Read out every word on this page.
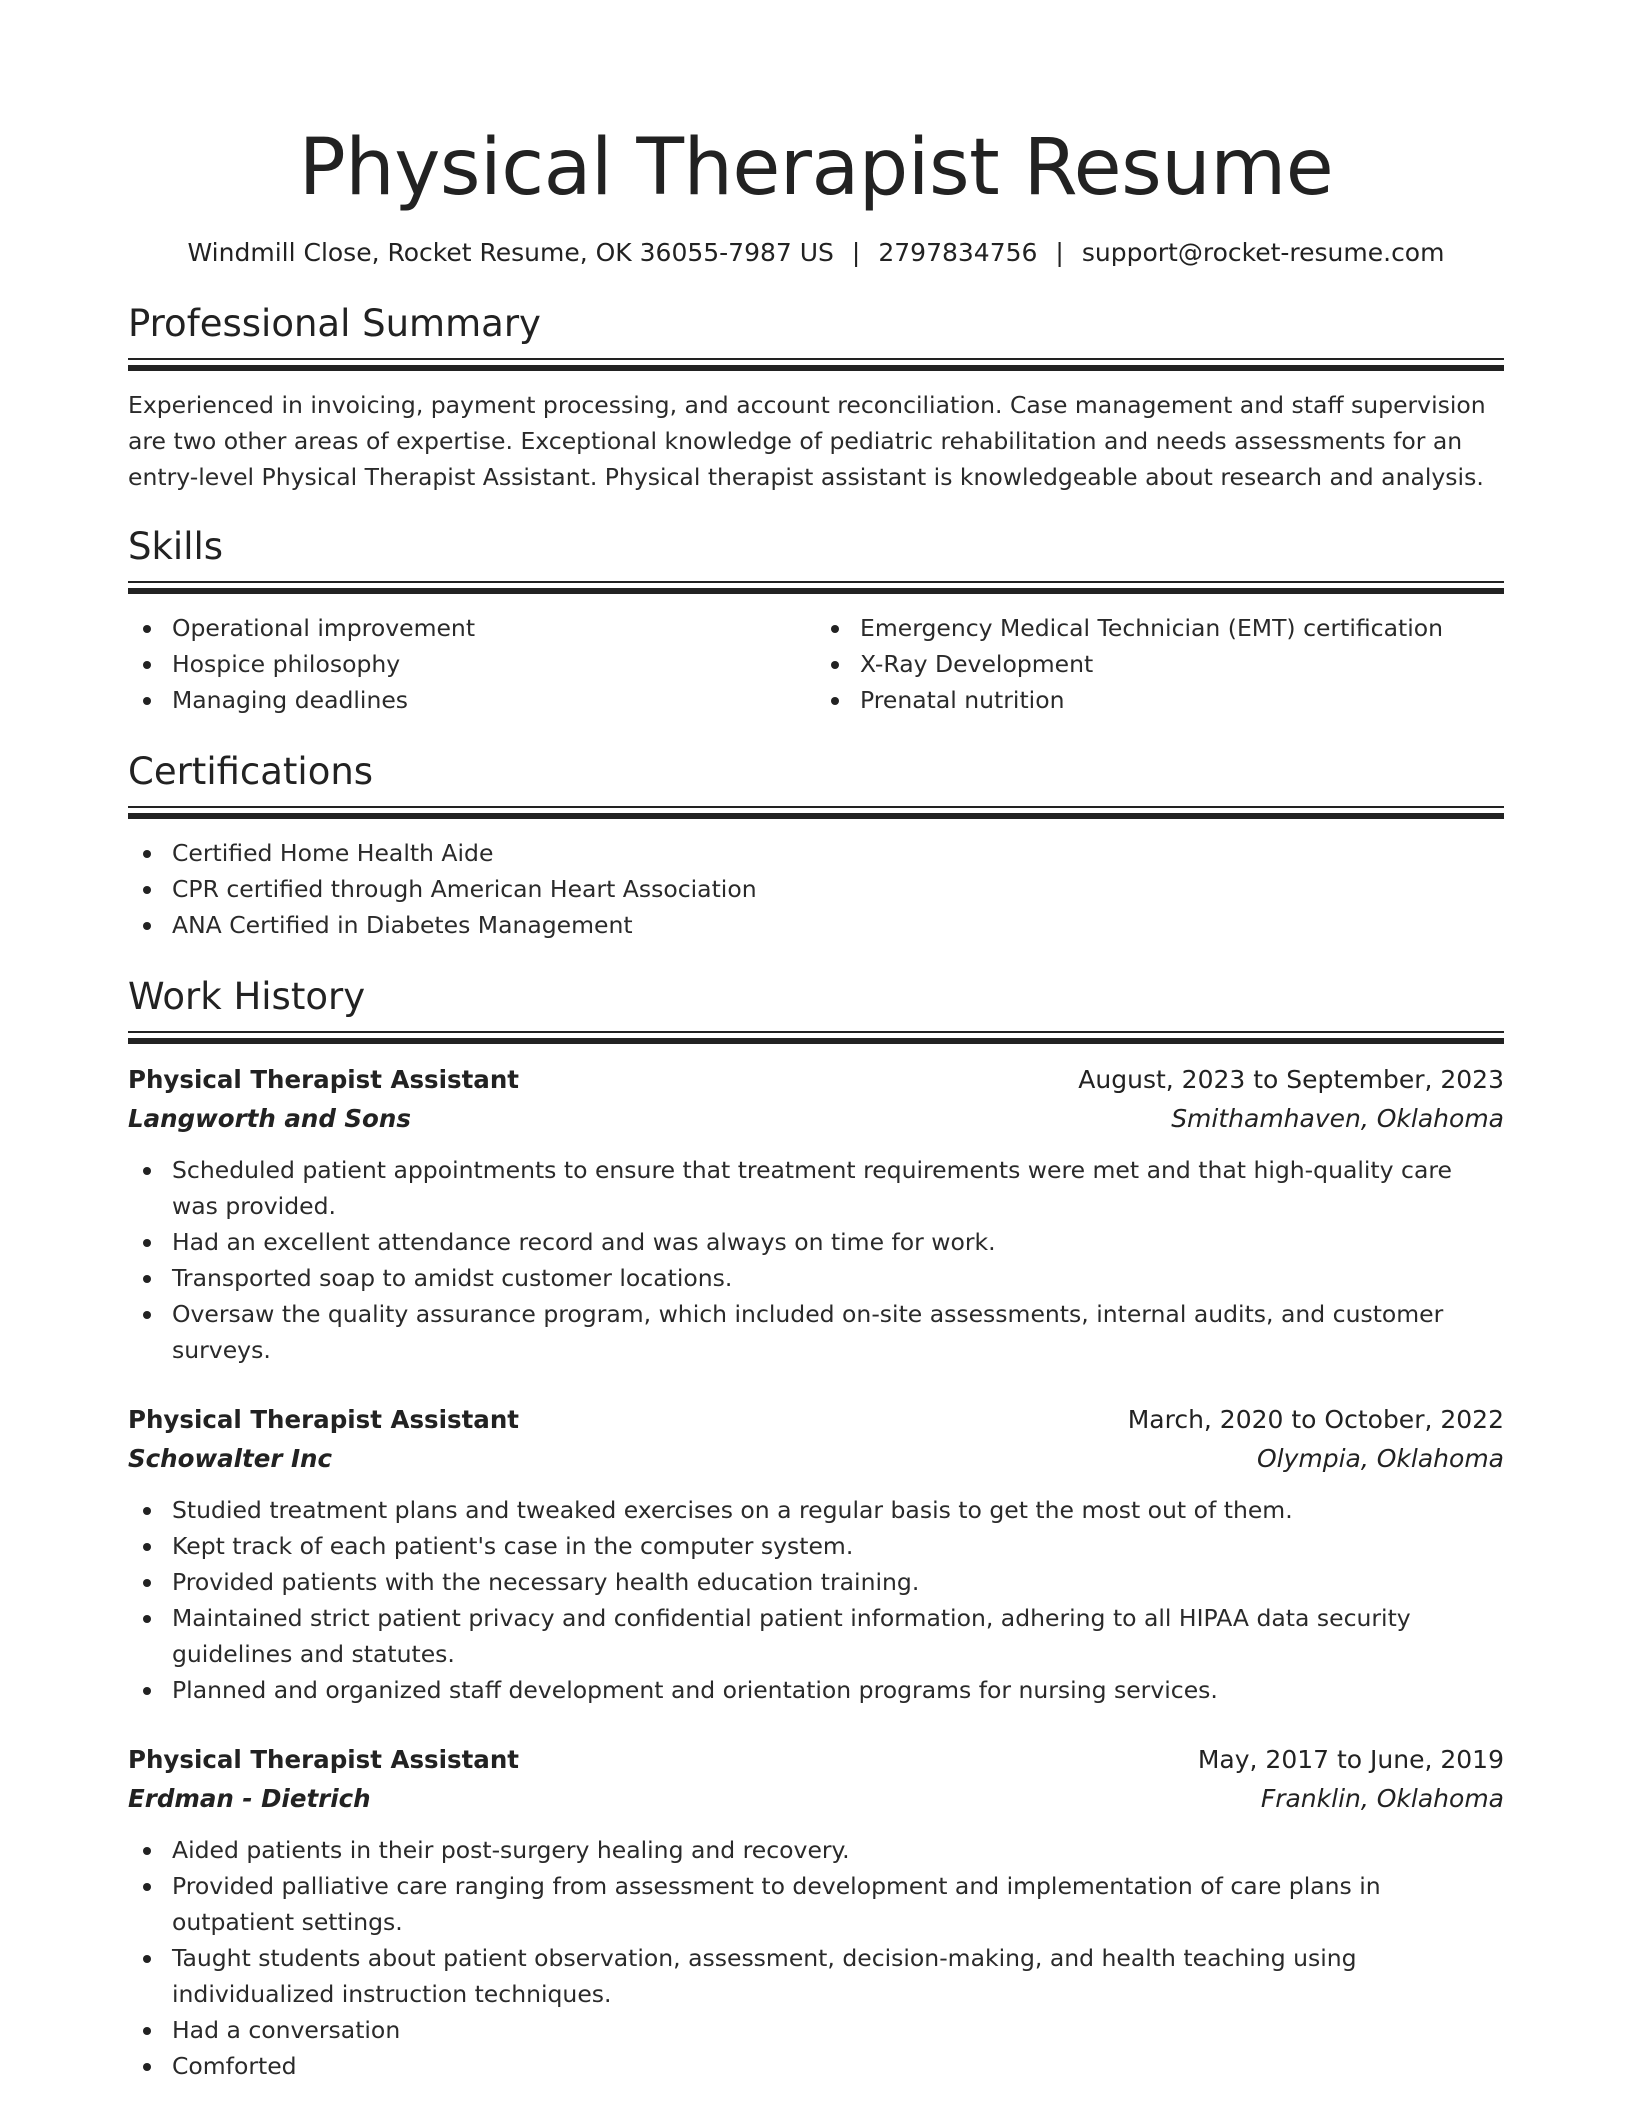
Physical Therapist Resume
Windmill Close, Rocket Resume, OK 36055-7987 US | 2797834756 | support@rocket-resume.com
Professional Summary
Experienced in invoicing, payment processing, and account reconciliation. Case management and staff supervision are two other areas of expertise. Exceptional knowledge of pediatric rehabilitation and needs assessments for an entry-level Physical Therapist Assistant. Physical therapist assistant is knowledgeable about research and analysis.
Skills
Operational improvement
Hospice philosophy
Managing deadlines
Emergency Medical Technician (EMT) certification
X-Ray Development
Prenatal nutrition
Certifications
Certified Home Health Aide
CPR certified through American Heart Association
ANA Certified in Diabetes Management
Work History
Physical Therapist Assistant	August, 2023 to September, 2023
Langworth and Sons	Smithamhaven, Oklahoma
Scheduled patient appointments to ensure that treatment requirements were met and that high-quality care was provided.
Had an excellent attendance record and was always on time for work.
Transported soap to amidst customer locations.
Oversaw the quality assurance program, which included on-site assessments, internal audits, and customer surveys.
Physical Therapist Assistant	March, 2020 to October, 2022
Schowalter Inc	Olympia, Oklahoma
Studied treatment plans and tweaked exercises on a regular basis to get the most out of them.
Kept track of each patient's case in the computer system.
Provided patients with the necessary health education training.
Maintained strict patient privacy and confidential patient information, adhering to all HIPAA data security guidelines and statutes.
Planned and organized staff development and orientation programs for nursing services.
Physical Therapist Assistant	May, 2017 to June, 2019
Erdman - Dietrich	Franklin, Oklahoma
Aided patients in their post-surgery healing and recovery.
Provided palliative care ranging from assessment to development and implementation of care plans in outpatient settings.
Taught students about patient observation, assessment, decision-making, and health teaching using individualized instruction techniques.
Had a conversation
Comforted
